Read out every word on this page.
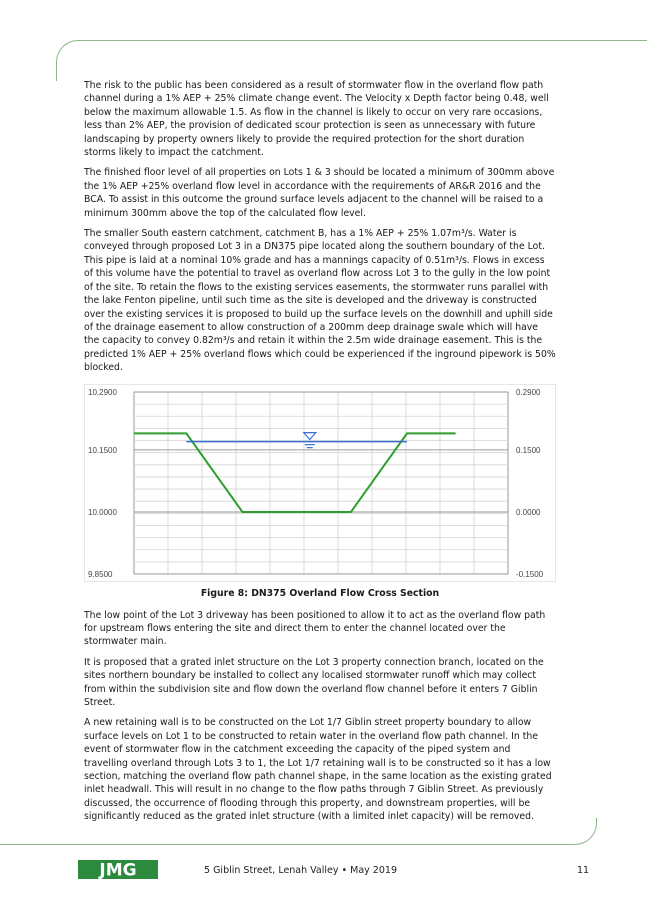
The risk to the public has been considered as a result of stormwater flow in the overland flow path channel during a 1% AEP + 25% climate change event. The Velocity x Depth factor being 0.48, well below the maximum allowable 1.5. As flow in the channel is likely to occur on very rare occasions, less than 2% AEP, the provision of dedicated scour protection is seen as unnecessary with future landscaping by property owners likely to provide the required protection for the short duration storms likely to impact the catchment.

The finished floor level of all properties on Lots 1 & 3 should be located a minimum of 300mm above the 1% AEP +25% overland flow level in accordance with the requirements of AR&R 2016 and the BCA. To assist in this outcome the ground surface levels adjacent to the channel will be raised to a minimum 300mm above the top of the calculated flow level.

The smaller South eastern catchment, catchment B, has a 1% AEP + 25% 1.07m³/s. Water is conveyed through proposed Lot 3 in a DN375 pipe located along the southern boundary of the Lot. This pipe is laid at a nominal 10% grade and has a mannings capacity of 0.51m³/s. Flows in excess of this volume have the potential to travel as overland flow across Lot 3 to the gully in the low point of the site. To retain the flows to the existing services easements, the stormwater runs parallel with the lake Fenton pipeline, until such time as the site is developed and the driveway is constructed over the existing services it is proposed to build up the surface levels on the downhill and uphill side of the drainage easement to allow construction of a 200mm deep drainage swale which will have the capacity to convey 0.82m³/s and retain it within the 2.5m wide drainage easement. This is the predicted 1% AEP + 25% overland flows which could be experienced if the inground pipework is 50% blocked.

10.2900
10.1500
10.0000
9.8500
0.2900
0.1500
0.0000
-0.1500
Figure 8: DN375 Overland Flow Cross Section

The low point of the Lot 3 driveway has been positioned to allow it to act as the overland flow path for upstream flows entering the site and direct them to enter the channel located over the stormwater main.

It is proposed that a grated inlet structure on the Lot 3 property connection branch, located on the sites northern boundary be installed to collect any localised stormwater runoff which may collect from within the subdivision site and flow down the overland flow channel before it enters 7 Giblin Street.

A new retaining wall is to be constructed on the Lot 1/7 Giblin street property boundary to allow surface levels on Lot 1 to be constructed to retain water in the overland flow path channel. In the event of stormwater flow in the catchment exceeding the capacity of the piped system and travelling overland through Lots 3 to 1, the Lot 1/7 retaining wall is to be constructed so it has a low section, matching the overland flow path channel shape, in the same location as the existing grated inlet headwall. This will result in no change to the flow paths through 7 Giblin Street. As previously discussed, the occurrence of flooding through this property, and downstream properties, will be significantly reduced as the grated inlet structure (with a limited inlet capacity) will be removed.

JMG	5 Giblin Street, Lenah Valley • May 2019	11
